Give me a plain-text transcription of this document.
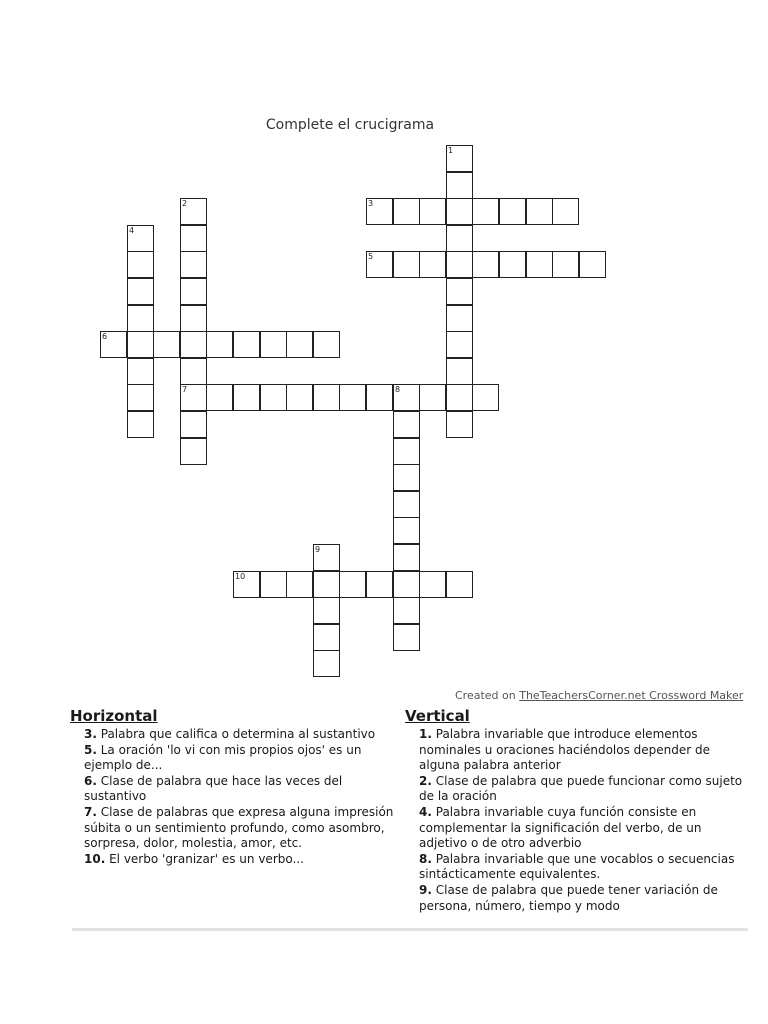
Complete el crucigrama
1
2
7
3
4
5
6
8
9
10
Created on TheTeachersCorner.net Crossword Maker
Horizontal
3. Palabra que califica o determina al sustantivo
5. La oración 'lo vi con mis propios ojos' es un ejemplo de...
6. Clase de palabra que hace las veces del sustantivo
7. Clase de palabras que expresa alguna impresión súbita o un sentimiento profundo, como asombro, sorpresa, dolor, molestia, amor, etc.
10. El verbo 'granizar' es un verbo...
Vertical
1. Palabra invariable que introduce elementos nominales u oraciones haciéndolos depender de alguna palabra anterior
2. Clase de palabra que puede funcionar como sujeto de la oración
4. Palabra invariable cuya función consiste en complementar la significación del verbo, de un adjetivo o de otro adverbio
8. Palabra invariable que une vocablos o secuencias sintácticamente equivalentes.
9. Clase de palabra que puede tener variación de persona, número, tiempo y modo
